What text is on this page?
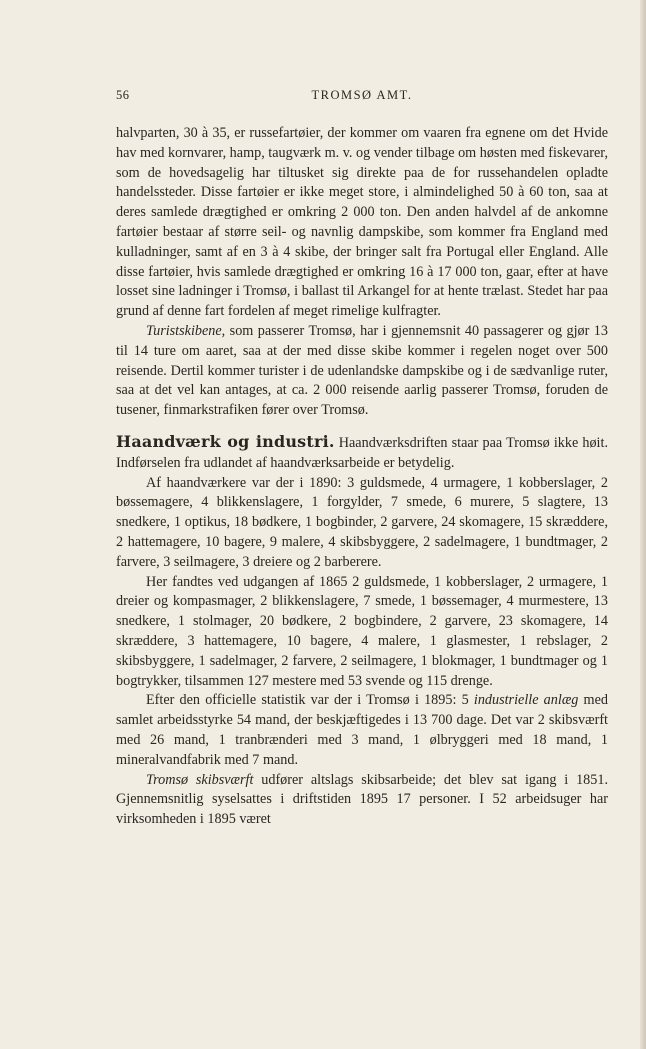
56	TROMSØ AMT.

halvparten, 30 à 35, er russefartøier, der kommer om vaaren fra egnene om det Hvide hav med kornvarer, hamp, taugværk m. v. og vender tilbage om høsten med fiskevarer, som de hovedsagelig har tiltusket sig direkte paa de for russehandelen opladte handelssteder. Disse fartøier er ikke meget store, i almindelighed 50 à 60 ton, saa at deres samlede drægtighed er omkring 2 000 ton. Den anden halvdel af de ankomne fartøier bestaar af større seil- og navnlig dampskibe, som kommer fra England med kulladninger, samt af en 3 à 4 skibe, der bringer salt fra Portugal eller England. Alle disse fartøier, hvis samlede drægtighed er omkring 16 à 17 000 ton, gaar, efter at have losset sine ladninger i Tromsø, i ballast til Arkangel for at hente trælast. Stedet har paa grund af denne fart fordelen af meget rimelige kulfragter.

Turistskibene, som passerer Tromsø, har i gjennemsnit 40 passagerer og gjør 13 til 14 ture om aaret, saa at der med disse skibe kommer i regelen noget over 500 reisende. Dertil kommer turister i de udenlandske dampskibe og i de sædvanlige ruter, saa at det vel kan antages, at ca. 2 000 reisende aarlig passerer Tromsø, foruden de tusener, finmarkstrafiken fører over Tromsø.

Haandværk og industri. Haandværksdriften staar paa Tromsø ikke høit. Indførselen fra udlandet af haandværksarbeide er betydelig.

Af haandværkere var der i 1890: 3 guldsmede, 4 urmagere, 1 kobberslager, 2 bøssemagere, 4 blikkenslagere, 1 forgylder, 7 smede, 6 murere, 5 slagtere, 13 snedkere, 1 optikus, 18 bødkere, 1 bogbinder, 2 garvere, 24 skomagere, 15 skræddere, 2 hattemagere, 10 bagere, 9 malere, 4 skibsbyggere, 2 sadelmagere, 1 bundtmager, 2 farvere, 3 seilmagere, 3 dreiere og 2 barberere.

Her fandtes ved udgangen af 1865 2 guldsmede, 1 kobberslager, 2 urmagere, 1 dreier og kompasmager, 2 blikkenslagere, 7 smede, 1 bøssemager, 4 murmestere, 13 snedkere, 1 stolmager, 20 bødkere, 2 bogbindere, 2 garvere, 23 skomagere, 14 skræddere, 3 hattemagere, 10 bagere, 4 malere, 1 glasmester, 1 rebslager, 2 skibsbyggere, 1 sadelmager, 2 farvere, 2 seilmagere, 1 blokmager, 1 bundtmager og 1 bogtrykker, tilsammen 127 mestere med 53 svende og 115 drenge.

Efter den officielle statistik var der i Tromsø i 1895: 5 industrielle anlæg med samlet arbeidsstyrke 54 mand, der beskjæftigedes i 13 700 dage. Det var 2 skibsværft med 26 mand, 1 tranbrænderi med 3 mand, 1 ølbryggeri med 18 mand, 1 mineralvandfabrik med 7 mand.

Tromsø skibsværft udfører altslags skibsarbeide; det blev sat igang i 1851. Gjennemsnitlig syselsattes i driftstiden 1895 17 personer. I 52 arbeidsuger har virksomheden i 1895 været
